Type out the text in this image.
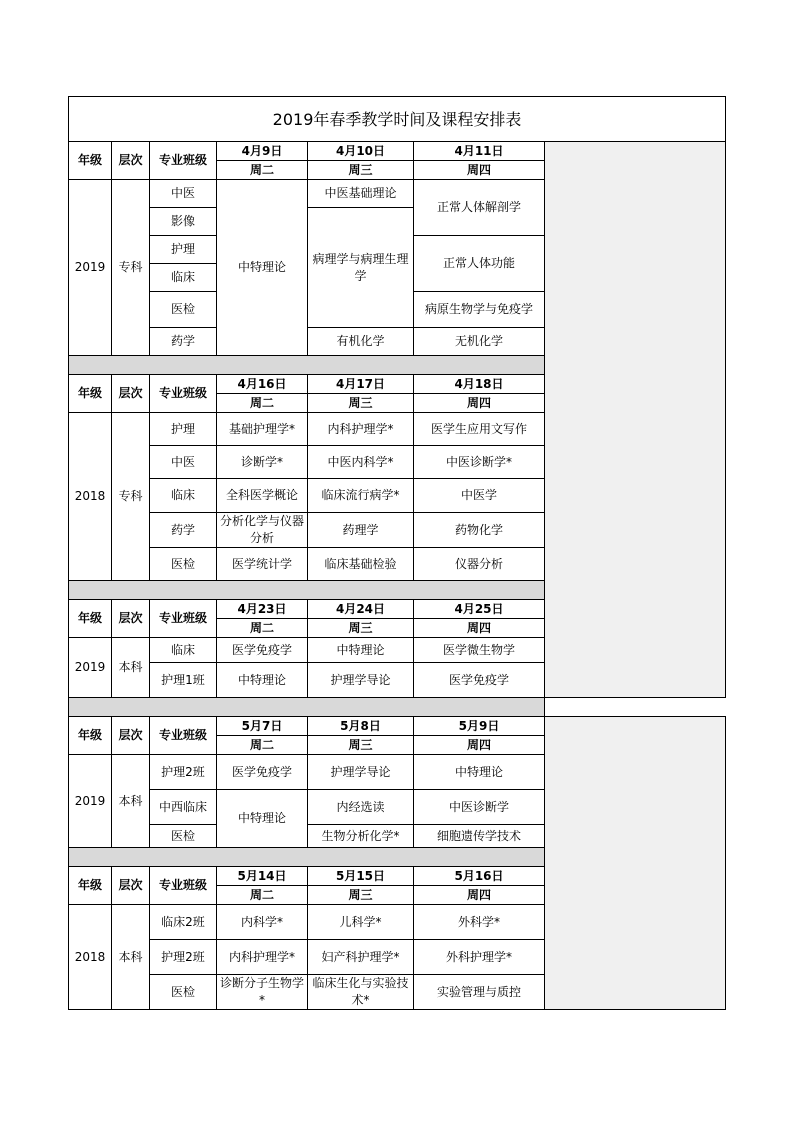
2019年春季教学时间及课程安排表						
年级	层次	专业班级	4月9日	4月10日	4月11日	
			周二	周三	周四	
2019	专科	中医	中特理论	中医基础理论	正常人体解剖学	
		影像		病理学与病理生理学		
		护理			正常人体功能	
		临床				
		医检			病原生物学与免疫学	
		药学		有机化学	无机化学	

年级	层次	专业班级	4月16日	4月17日	4月18日	
			周二	周三	周四	
2018	专科	护理	基础护理学*	内科护理学*	医学生应用文写作	
		中医	诊断学*	中医内科学*	中医诊断学*	
		临床	全科医学概论	临床流行病学*	中医学	
		药学	分析化学与仪器分析	药理学	药物化学	
		医检	医学统计学	临床基础检验	仪器分析	

年级	层次	专业班级	4月23日	4月24日	4月25日	
			周二	周三	周四	
2019	本科	临床	医学免疫学	中特理论	医学微生物学	
		护理1班	中特理论	护理学导论	医学免疫学	

年级	层次	专业班级	5月7日	5月8日	5月9日	
			周二	周三	周四	
2019	本科	护理2班	医学免疫学	护理学导论	中特理论	
		中西临床	中特理论	内经选读	中医诊断学	
		医检		生物分析化学*	细胞遗传学技术	

年级	层次	专业班级	5月14日	5月15日	5月16日	
			周二	周三	周四	
2018	本科	临床2班	内科学*	儿科学*	外科学*	
		护理2班	内科护理学*	妇产科护理学*	外科护理学*	
		医检	诊断分子生物学*	临床生化与实验技术*	实验管理与质控	
